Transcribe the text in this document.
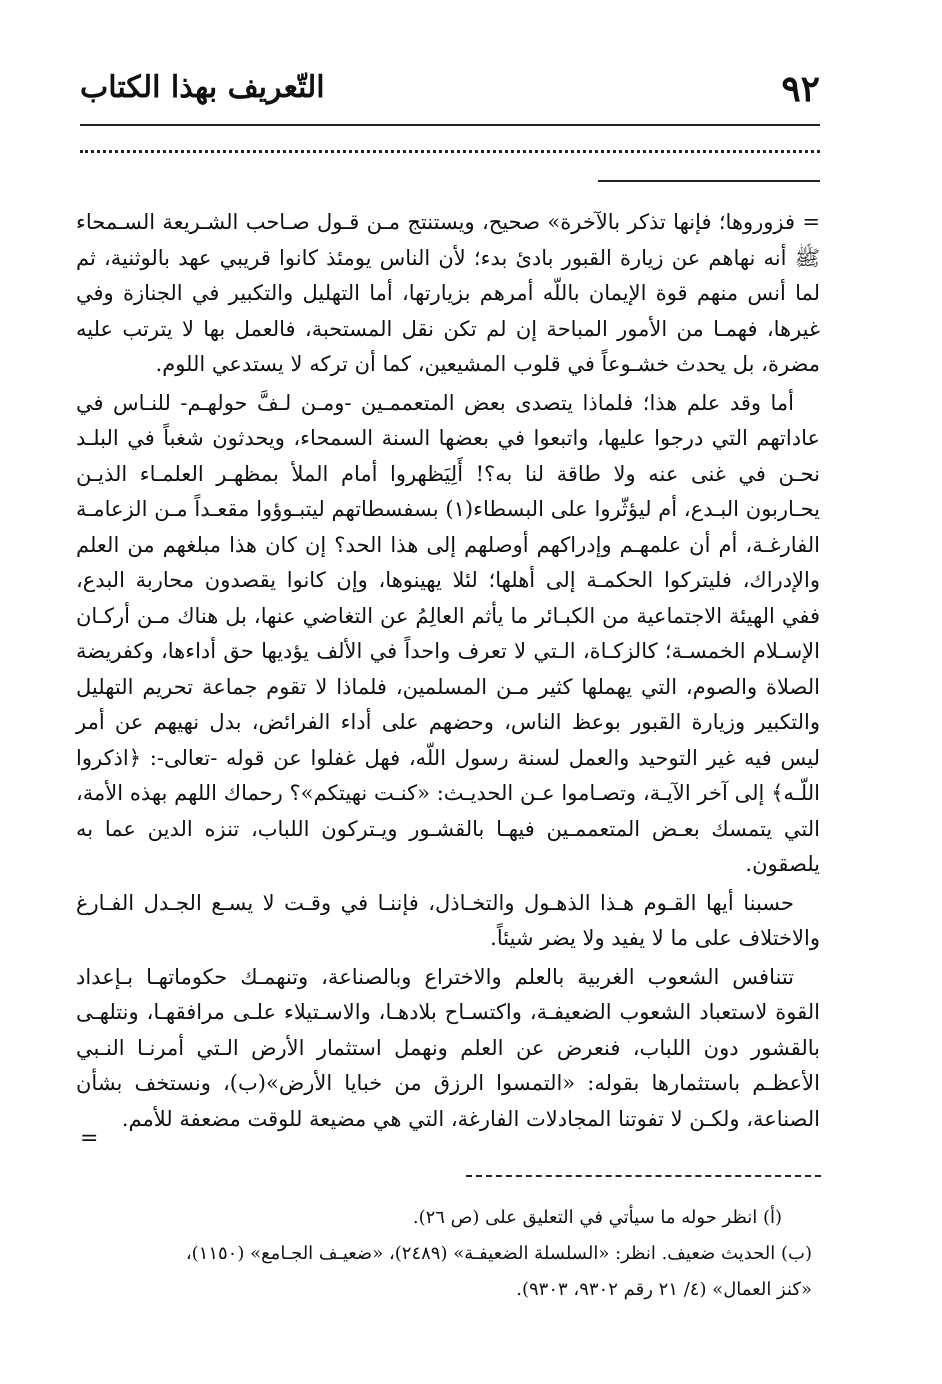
٩٢
التّعريف بهذا الكتاب

= فزوروها؛ فإنها تذكر بالآخرة» صحيح، ويستنتج مـن قـول صـاحب الشـريعة السـمحاء ﷺ أنه نهاهم عن زيارة القبور بادئ بدء؛ لأن الناس يومئذ كانوا قريبي عهد بالوثنية، ثم لما أنس منهم قوة الإيمان باللّه أمرهم بزيارتها، أما التهليل والتكبير في الجنازة وفي غيرها، فهمـا من الأمور المباحة إن لم تكن نقل المستحبة، فالعمل بها لا يترتب عليه مضرة، بل يحدث خشـوعاً في قلوب المشيعين، كما أن تركه لا يستدعي اللوم.

أما وقد علم هذا؛ فلماذا يتصدى بعض المتعممـين -ومـن لـفَّ حولهـم- للنـاس في عاداتهم التي درجوا عليها، واتبعوا في بعضها السنة السمحاء، ويحدثون شغباً في البلـد نحـن في غنى عنه ولا طاقة لنا به؟! أَلِيَظهروا أمام الملأ بمظهـر العلمـاء الذيـن يحـاربون البـدع، أم ليؤثّروا على البسطاء(١) بسفسطاتهم ليتبـوؤوا مقعـداً مـن الزعامـة الفارغـة، أم أن علمهـم وإدراكهم أوصلهم إلى هذا الحد؟ إن كان هذا مبلغهم من العلم والإدراك، فليتركوا الحكمـة إلى أهلها؛ لئلا يهينوها، وإن كانوا يقصدون محاربة البدع، ففي الهيئة الاجتماعية من الكبـائر ما يأثم العالِمُ عن التغاضي عنها، بل هناك مـن أركـان الإسـلام الخمسـة؛ كالزكـاة، الـتي لا تعرف واحداً في الألف يؤديها حق أداءها، وكفريضة الصلاة والصوم، التي يهملها كثير مـن المسلمين، فلماذا لا تقوم جماعة تحريم التهليل والتكبير وزيارة القبور بوعظ الناس، وحضهم على أداء الفرائض، بدل نهيهم عن أمر ليس فيه غير التوحيد والعمل لسنة رسول اللّه، فهل غفلوا عن قوله -تعالى-: ﴿اذكروا اللّـه﴾ إلى آخر الآيـة، وتصـاموا عـن الحديـث: «كنـت نهيتكم»؟ رحماك اللهم بهذه الأمة، التي يتمسك بعـض المتعممـين فيهـا بالقشـور ويـتركون اللباب، تنزه الدين عما به يلصقون.

حسبنا أيها القـوم هـذا الذهـول والتخـاذل، فإننـا في وقـت لا يسـع الجـدل الفـارغ والاختلاف على ما لا يفيد ولا يضر شيئاً.

تتنافس الشعوب الغربية بالعلم والاختراع وبالصناعة، وتنهمـك حكوماتهـا بـإعداد القوة لاستعباد الشعوب الضعيفـة، واكتسـاح بلادهـا، والاسـتيلاء علـى مرافقهـا، ونتلهـى بالقشور دون اللباب، فنعرض عن العلم ونهمل استثمار الأرض الـتي أمرنـا النـبي الأعظـم باستثمارها بقوله: «التمسوا الرزق من خبايا الأرض»(ب)، ونستخف بشأن الصناعة، ولكـن لا تفوتنا المجادلات الفارغة، التي هي مضيعة للوقت مضعفة للأمم.

=

(أ) انظر حوله ما سيأتي في التعليق على (ص ٢٦).

(ب) الحديث ضعيف. انظر: «السلسلة الضعيفـة» (٢٤٨٩)، «ضعيـف الجـامع» (١١٥٠)،

«كنز العمال» (٤/ ٢١ رقم ٩٣٠٢، ٩٣٠٣).
